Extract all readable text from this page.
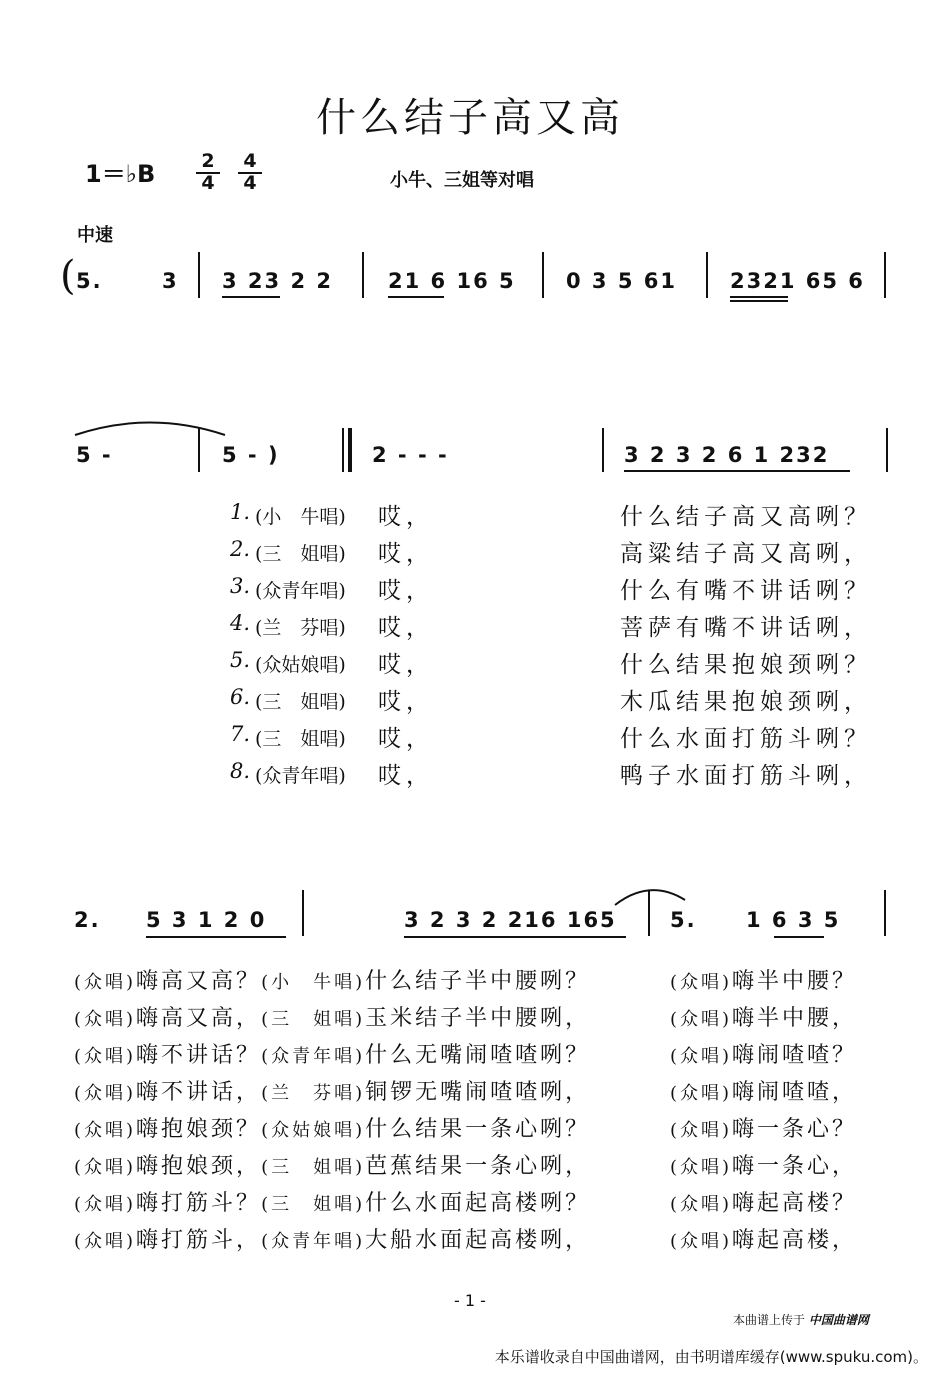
什么结子高又高
1＝♭B $\frac{2}{4} \frac{4}{4}$	小牛、三姐等对唱
中速
( 5.	3 3 23 2 2	21 6 16 5 0 3 5 61	2321 65 6
5 -	5 - )	2 - - -	3 2 3 2 6 1 232
1. (小　牛唱) 哎，	什么结子高又高咧？
2. (三　姐唱) 哎，	高粱结子高又高咧，
3. (众青年唱) 哎，	什么有嘴不讲话咧？
4. (兰　芬唱) 哎，	菩萨有嘴不讲话咧，
5. (众姑娘唱) 哎，	什么结果抱娘颈咧？
6. (三　姐唱) 哎，	木瓜结果抱娘颈咧，
7. (三　姐唱) 哎，	什么水面打筋斗咧？
8. (众青年唱) 哎，	鸭子水面打筋斗咧，
2. 5 3 1 2 0	3 2 3 2 216 165	5. 1 6 3 5
(众唱)嗨高又高？(小　牛唱)什么结子半中腰咧？	(众唱)嗨半中腰？
(众唱)嗨高又高，(三　姐唱)玉米结子半中腰咧，	(众唱)嗨半中腰，
(众唱)嗨不讲话？(众青年唱)什么无嘴闹喳喳咧？	(众唱)嗨闹喳喳？
(众唱)嗨不讲话，(兰　芬唱)铜锣无嘴闹喳喳咧，	(众唱)嗨闹喳喳，
(众唱)嗨抱娘颈？(众姑娘唱)什么结果一条心咧？	(众唱)嗨一条心？
(众唱)嗨抱娘颈，(三　姐唱)芭蕉结果一条心咧，	(众唱)嗨一条心，
(众唱)嗨打筋斗？(三　姐唱)什么水面起高楼咧？	(众唱)嗨起高楼？
(众唱)嗨打筋斗，(众青年唱)大船水面起高楼咧，	(众唱)嗨起高楼，
- 1 -
本曲谱上传于 中国曲谱网
本乐谱收录自中国曲谱网，由书明谱库缓存(www.spuku.com)。
